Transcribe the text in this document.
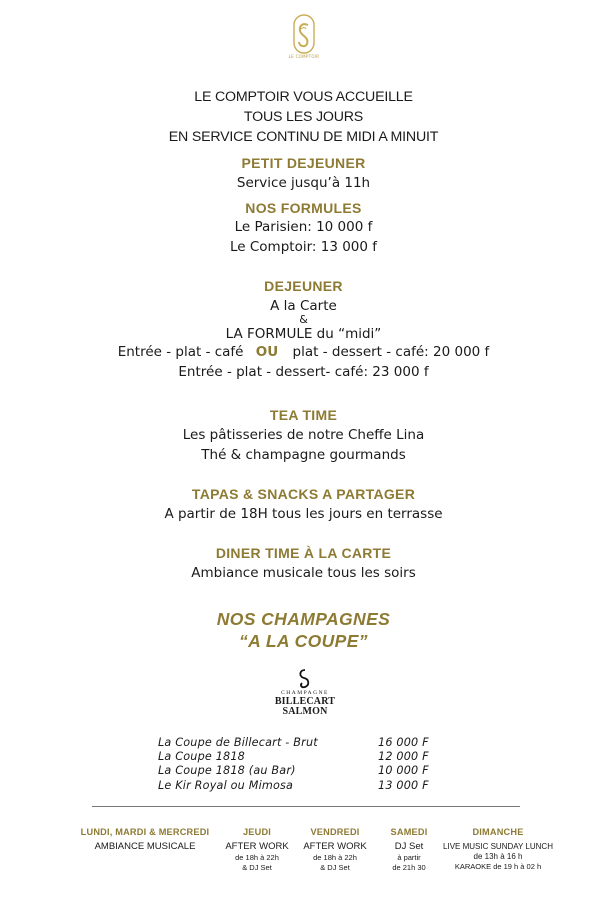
LE COMPTOIR
LE COMPTOIR VOUS ACCUEILLE
TOUS LES JOURS
EN SERVICE CONTINU DE MIDI A MINUIT
PETIT DEJEUNER
Service jusqu’à 11h
NOS FORMULES
Le Parisien: 10 000 f
Le Comptoir: 13 000 f
DEJEUNER
A la Carte
&
LA FORMULE du “midi”
Entrée - plat - café OU plat - dessert - café: 20 000 f
Entrée - plat - dessert- café: 23 000 f
TEA TIME
Les pâtisseries de notre Cheffe Lina
Thé & champagne gourmands
TAPAS & SNACKS A PARTAGER
A partir de 18H tous les jours en terrasse
DINER TIME À LA CARTE
Ambiance musicale tous les soirs
NOS CHAMPAGNES
“A LA COUPE”
CHAMPAGNE
BILLECART
SALMON
La Coupe de Billecart - Brut	16 000 F
La Coupe 1818	12 000 F
La Coupe 1818 (au Bar)	10 000 F
Le Kir Royal ou Mimosa	13 000 F
LUNDI, MARDI & MERCREDI
AMBIANCE MUSICALE
JEUDI
AFTER WORK
de 18h à 22h
& DJ Set
VENDREDI
AFTER WORK
de 18h à 22h
& DJ Set
SAMEDI
DJ Set
à partir
de 21h 30
DIMANCHE
LIVE MUSIC SUNDAY LUNCH
de 13h à 16 h
KARAOKE de 19 h à 02 h
